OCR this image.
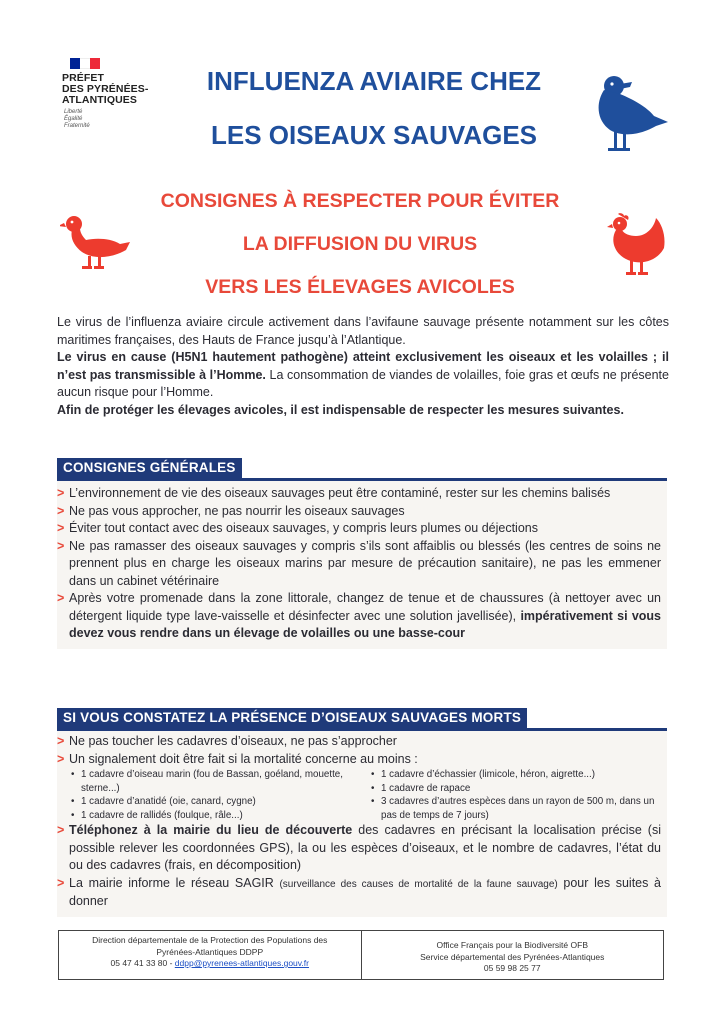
PRÉFET
DES PYRÉNÉES-
ATLANTIQUES
Liberté
Égalité
Fraternité
INFLUENZA AVIAIRE CHEZ
LES OISEAUX SAUVAGES
CONSIGNES À RESPECTER POUR ÉVITER
LA DIFFUSION DU VIRUS
VERS LES ÉLEVAGES AVICOLES

Le virus de l’influenza aviaire circule activement dans l’avifaune sauvage présente notamment sur les côtes maritimes françaises, des Hauts de France jusqu’à l’Atlantique.

Le virus en cause (H5N1 hautement pathogène) atteint exclusivement les oiseaux et les volailles ; il n’est pas transmissible à l’Homme. La consommation de viandes de volailles, foie gras et œufs ne présente aucun risque pour l’Homme.

Afin de protéger les élevages avicoles, il est indispensable de respecter les mesures suivantes.

CONSIGNES GÉNÉRALES
> L’environnement de vie des oiseaux sauvages peut être contaminé, rester sur les chemins balisés
> Ne pas vous approcher, ne pas nourrir les oiseaux sauvages
> Éviter tout contact avec des oiseaux sauvages, y compris leurs plumes ou déjections
> Ne pas ramasser des oiseaux sauvages y compris s’ils sont affaiblis ou blessés (les centres de soins ne prennent plus en charge les oiseaux marins par mesure de précaution sanitaire), ne pas les emmener dans un cabinet vétérinaire
> Après votre promenade dans la zone littorale, changez de tenue et de chaussures (à nettoyer avec un détergent liquide type lave-vaisselle et désinfecter avec une solution javellisée), impérativement si vous devez vous rendre dans un élevage de volailles ou une basse-cour
SI VOUS CONSTATEZ LA PRÉSENCE D’OISEAUX SAUVAGES MORTS
> Ne pas toucher les cadavres d’oiseaux, ne pas s’approcher
> Un signalement doit être fait si la mortalité concerne au moins :
• 1 cadavre d’oiseau marin (fou de Bassan, goéland, mouette, sterne...)
• 1 cadavre d’anatidé (oie, canard, cygne)
• 1 cadavre de rallidés (foulque, râle...)
• 1 cadavre d’échassier (limicole, héron, aigrette...)
• 1 cadavre de rapace
• 3 cadavres d’autres espèces dans un rayon de 500 m, dans un pas de temps de 7 jours)
> Téléphonez à la mairie du lieu de découverte des cadavres en précisant la localisation précise (si possible relever les coordonnées GPS), la ou les espèces d’oiseaux, et le nombre de cadavres, l’état du ou des cadavres (frais, en décomposition)
> La mairie informe le réseau SAGIR (surveillance des causes de mortalité de la faune sauvage) pour les suites à donner
Direction départementale de la Protection des Populations des
Pyrénées-Atlantiques DDPP
05 47 41 33 80 - ddpp@pyrenees-atlantiques.gouv.fr
Office Français pour la Biodiversité OFB
Service départemental des Pyrénées-Atlantiques
05 59 98 25 77
